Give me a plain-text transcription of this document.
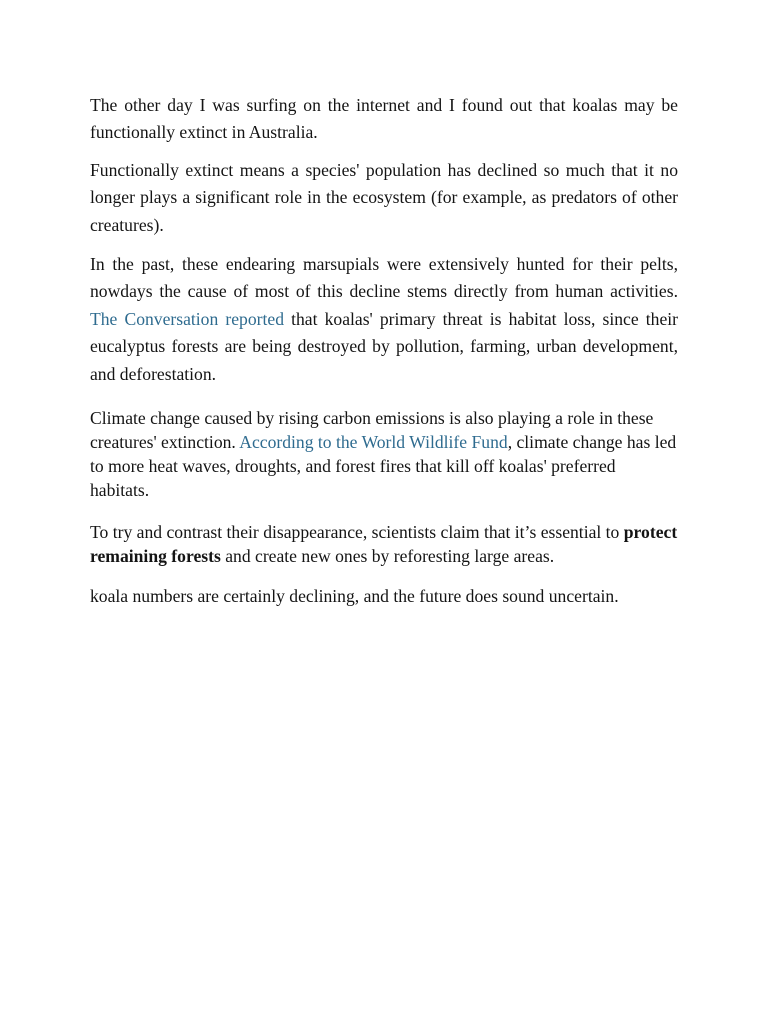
The other day I was surfing on the internet and I found out that koalas may be functionally extinct in Australia.

Functionally extinct means a species' population has declined so much that it no longer plays a significant role in the ecosystem (for example, as predators of other creatures).

In the past, these endearing marsupials were extensively hunted for their pelts, nowdays the cause of most of this decline stems directly from human activities. The Conversation reported that koalas' primary threat is habitat loss, since their eucalyptus forests are being destroyed by pollution, farming, urban development, and deforestation.

Climate change caused by rising carbon emissions is also playing a role in these creatures' extinction. According to the World Wildlife Fund, climate change has led to more heat waves, droughts, and forest fires that kill off koalas' preferred habitats.

To try and contrast their disappearance, scientists claim that it’s essential to protect remaining forests and create new ones by reforesting large areas.

koala numbers are certainly declining, and the future does sound uncertain.
